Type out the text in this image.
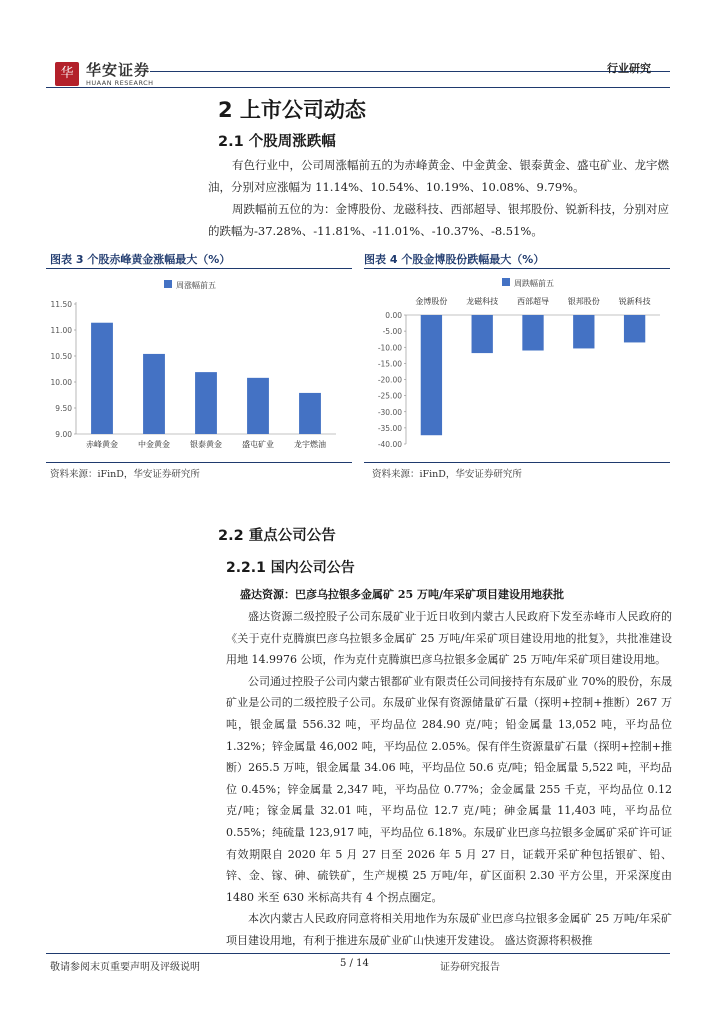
华安
华安证券
HUAAN RESEARCH
行业研究
2 上市公司动态
2.1 个股周涨跌幅
有色行业中，公司周涨幅前五的为赤峰黄金、中金黄金、银泰黄金、盛屯矿业、龙宇燃油，分别对应涨幅为 11.14%、10.54%、10.19%、10.08%、9.79%。
周跌幅前五位的为：金博股份、龙磁科技、西部超导、银邦股份、锐新科技，分别对应的跌幅为-37.28%、-11.81%、-11.01%、-10.37%、-8.51%。
图表 3 个股赤峰黄金涨幅最大（%）	图表 4 个股金博股份跌幅最大（%）
周涨幅前五
11.50
11.00
10.50
10.00
9.50
9.00
赤峰黄金	中金黄金	银泰黄金	盛屯矿业	龙宇燃油
周跌幅前五
0.00
-5.00
-10.00
-15.00
-20.00
-25.00
-30.00
-35.00
-40.00
金博股份 龙磁科技 西部超导 银邦股份 锐新科技
资料来源：iFinD，华安证券研究所	资料来源：iFinD，华安证券研究所
2.2 重点公司公告
2.2.1 国内公司公告
盛达资源：巴彦乌拉银多金属矿 25 万吨/年采矿项目建设用地获批

盛达资源二级控股子公司东晟矿业于近日收到内蒙古人民政府下发至赤峰市人民政府的《关于克什克腾旗巴彦乌拉银多金属矿 25 万吨/年采矿项目建设用地的批复》，共批准建设用地 14.9976 公顷，作为克什克腾旗巴彦乌拉银多金属矿 25 万吨/年采矿项目建设用地。

公司通过控股子公司内蒙古银都矿业有限责任公司间接持有东晟矿业 70%的股份，东晟矿业是公司的二级控股子公司。东晟矿业保有资源储量矿石量（探明+控制+推断）267 万吨，银金属量 556.32 吨，平均品位 284.90 克/吨；铅金属量 13,052 吨，平均品位 1.32%；锌金属量 46,002 吨，平均品位 2.05%。保有伴生资源量矿石量（探明+控制+推断）265.5 万吨，银金属量 34.06 吨，平均品位 50.6 克/吨；铅金属量 5,522 吨，平均品位 0.45%；锌金属量 2,347 吨，平均品位 0.77%；金金属量 255 千克，平均品位 0.12 克/吨；镓金属量 32.01 吨，平均品位 12.7 克/吨；砷金属量 11,403 吨，平均品位 0.55%；纯硫量 123,917 吨，平均品位 6.18%。东晟矿业巴彦乌拉银多金属矿采矿许可证有效期限自 2020 年 5 月 27 日至 2026 年 5 月 27 日，证载开采矿种包括银矿、铅、锌、金、镓、砷、硫铁矿，生产规模 25 万吨/年，矿区面积 2.30 平方公里，开采深度由 1480 米至 630 米标高共有 4 个拐点圈定。

本次内蒙古人民政府同意将相关用地作为东晟矿业巴彦乌拉银多金属矿 25 万吨/年采矿项目建设用地，有利于推进东晟矿业矿山快速开发建设。 盛达资源将积极推

敬请参阅末页重要声明及评级说明	5 / 14	证券研究报告
